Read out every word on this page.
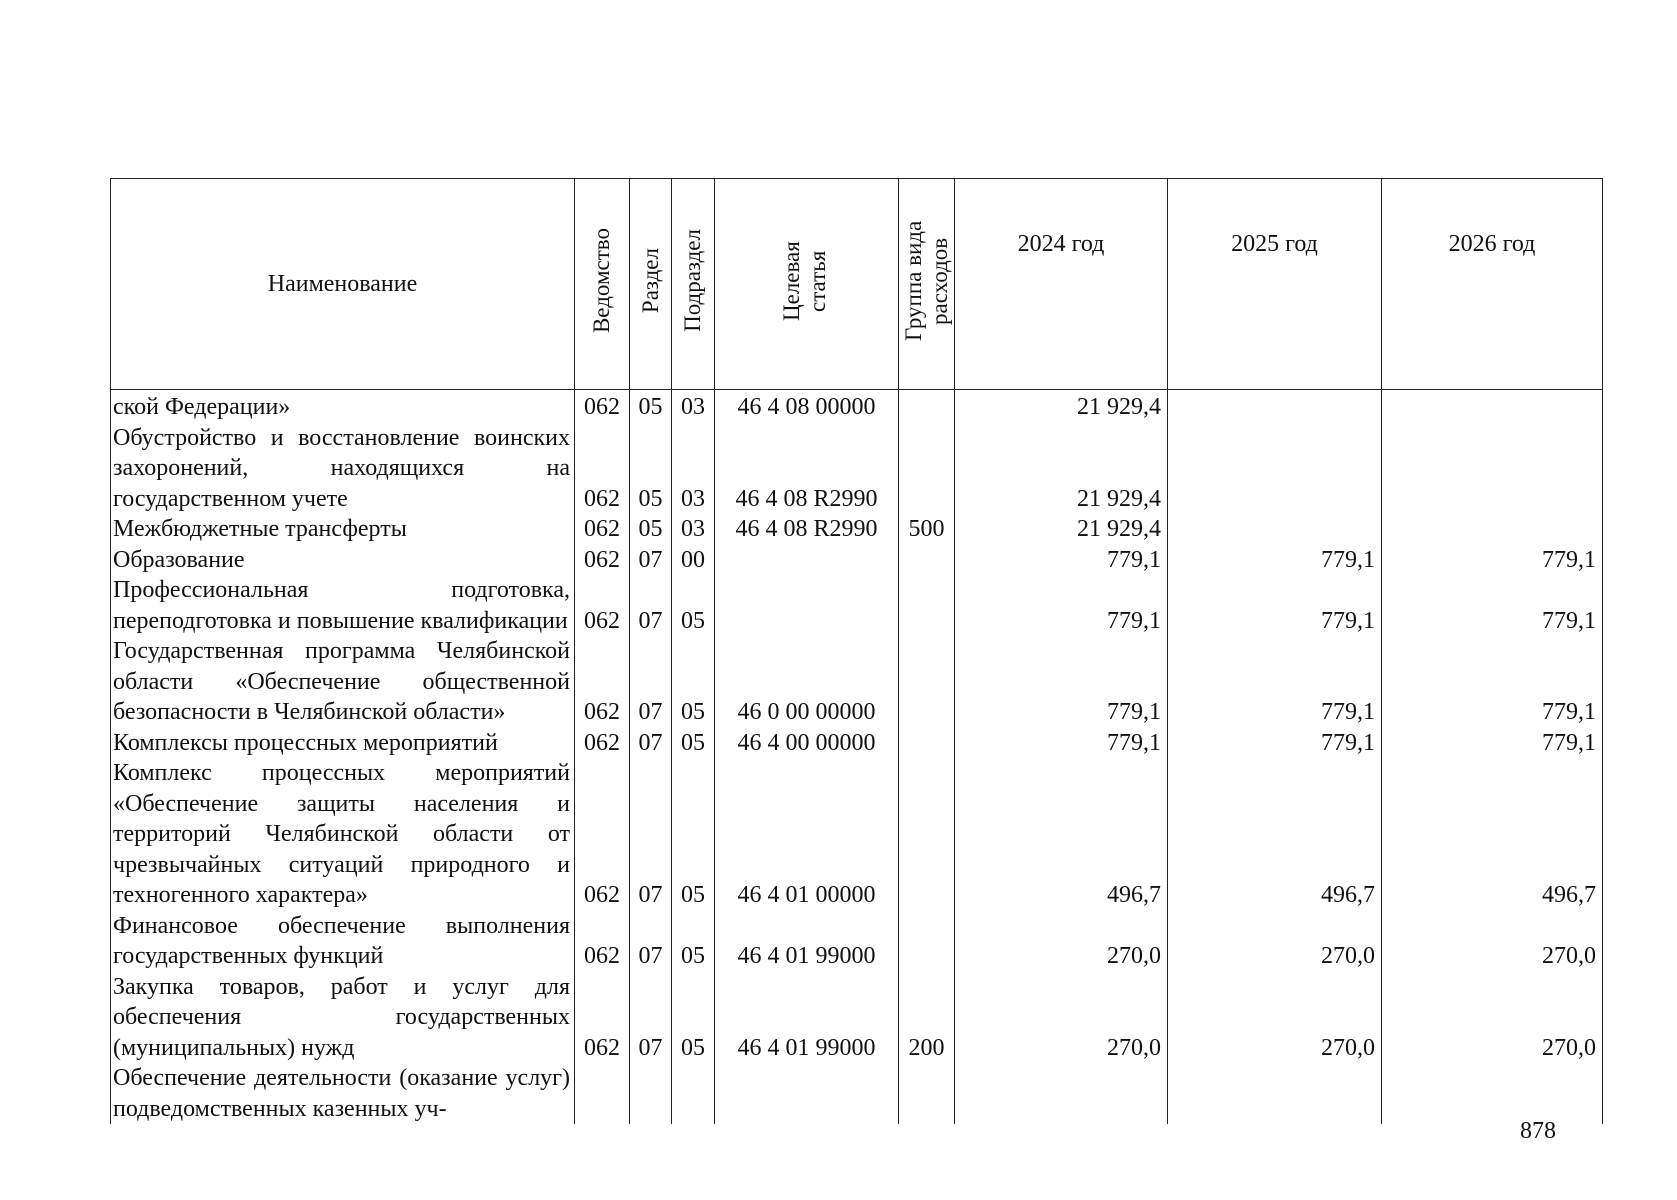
Наименование	Ведомство	Раздел	Подраздел	Целевая статья	Группа вида расходов	2024 год	2025 год	2026 год
ской Федерации»	062	05	03	46 4 08 00000		21 929,4		
Обустройство и восстановление воинских захоронений, находящихся на государственном учете	062	05	03	46 4 08 R2990		21 929,4		
Межбюджетные трансферты	062	05	03	46 4 08 R2990	500	21 929,4		
Образование	062	07	00			779,1	779,1	779,1
Профессиональная подготовка, переподготовка и повышение квалификации	062	07	05			779,1	779,1	779,1
Государственная программа Челябинской области «Обеспечение общественной безопасности в Челябинской области»	062	07	05	46 0 00 00000		779,1	779,1	779,1
Комплексы процессных мероприятий	062	07	05	46 4 00 00000		779,1	779,1	779,1
Комплекс процессных мероприятий «Обеспечение защиты населения и территорий Челябинской области от чрезвычайных ситуаций природного и техногенного характера»	062	07	05	46 4 01 00000		496,7	496,7	496,7
Финансовое обеспечение выполнения государственных функций	062	07	05	46 4 01 99000		270,0	270,0	270,0
Закупка товаров, работ и услуг для обеспечения государственных (муниципальных) нужд	062	07	05	46 4 01 99000	200	270,0	270,0	270,0
Обеспечение деятельности (оказание услуг) подведомственных казенных уч-								
878
